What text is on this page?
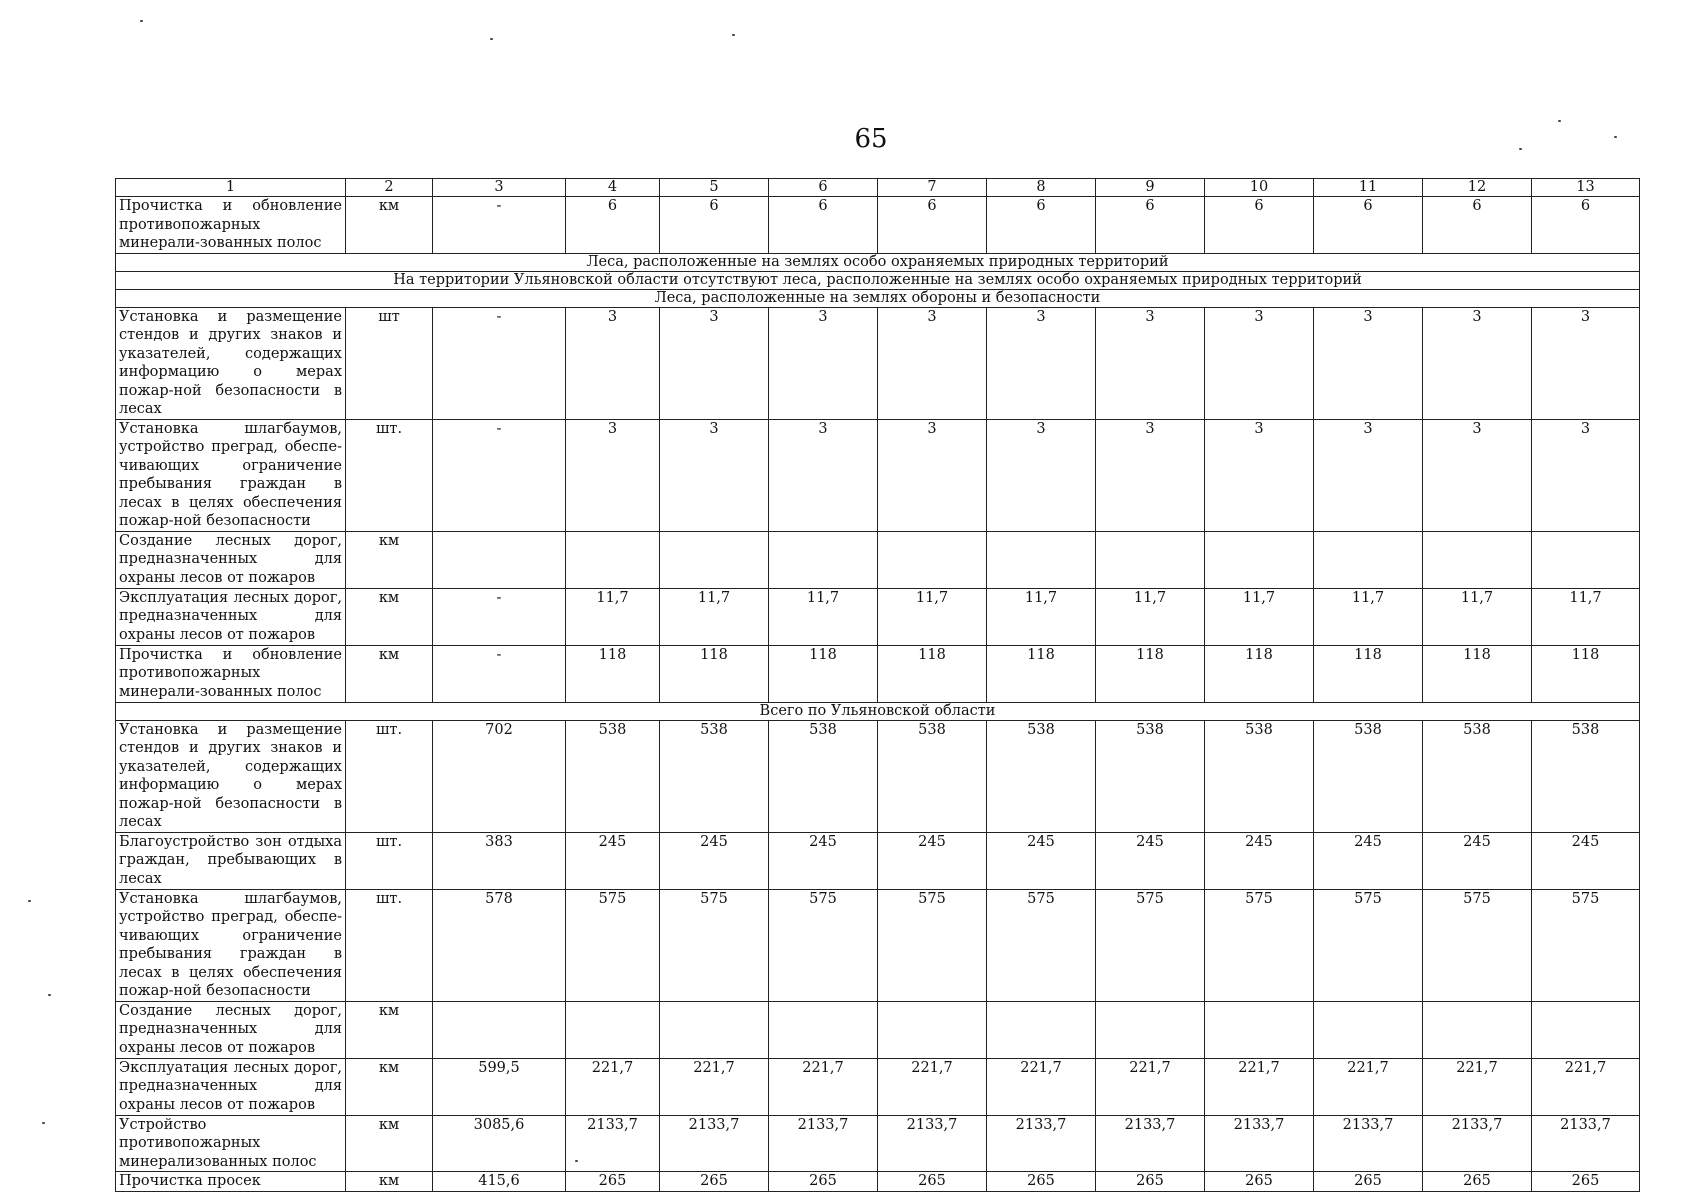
65
1	2	3	4	5	6	7	8	9	10	11	12	13
Прочистка и обновление противопожарных минерали-зованных полос	км	-	6	6	6	6	6	6	6	6	6	6
Леса, расположенные на землях особо охраняемых природных территорий												
На территории Ульяновской области отсутствуют леса, расположенные на землях особо охраняемых природных территорий												
Леса, расположенные на землях обороны и безопасности												
Установка и размещение стендов и других знаков и указателей, содержащих информацию о мерах пожар-ной безопасности в лесах	шт	-	3	3	3	3	3	3	3	3	3	3
Установка шлагбаумов, устройство преград, обеспе-чивающих ограничение пребывания граждан в лесах в целях обеспечения пожар-ной безопасности	шт.	-	3	3	3	3	3	3	3	3	3	3
Создание лесных дорог, предназначенных для охраны лесов от пожаров	км											
Эксплуатация лесных дорог, предназначенных для охраны лесов от пожаров	км	-	11,7	11,7	11,7	11,7	11,7	11,7	11,7	11,7	11,7	11,7
Прочистка и обновление противопожарных минерали-зованных полос	км	-	118	118	118	118	118	118	118	118	118	118
Всего по Ульяновской области												
Установка и размещение стендов и других знаков и указателей, содержащих информацию о мерах пожар-ной безопасности в лесах	шт.	702	538	538	538	538	538	538	538	538	538	538
Благоустройство зон отдыха граждан, пребывающих в лесах	шт.	383	245	245	245	245	245	245	245	245	245	245
Установка шлагбаумов, устройство преград, обеспе-чивающих ограничение пребывания граждан в лесах в целях обеспечения пожар-ной безопасности	шт.	578	575	575	575	575	575	575	575	575	575	575
Создание лесных дорог, предназначенных для охраны лесов от пожаров	км											
Эксплуатация лесных дорог, предназначенных для охраны лесов от пожаров	км	599,5	221,7	221,7	221,7	221,7	221,7	221,7	221,7	221,7	221,7	221,7
Устройство противопожарных минерализованных полос	км	3085,6	2133,7	2133,7	2133,7	2133,7	2133,7	2133,7	2133,7	2133,7	2133,7	2133,7
Прочистка просек	км	415,6	265	265	265	265	265	265	265	265	265	265
